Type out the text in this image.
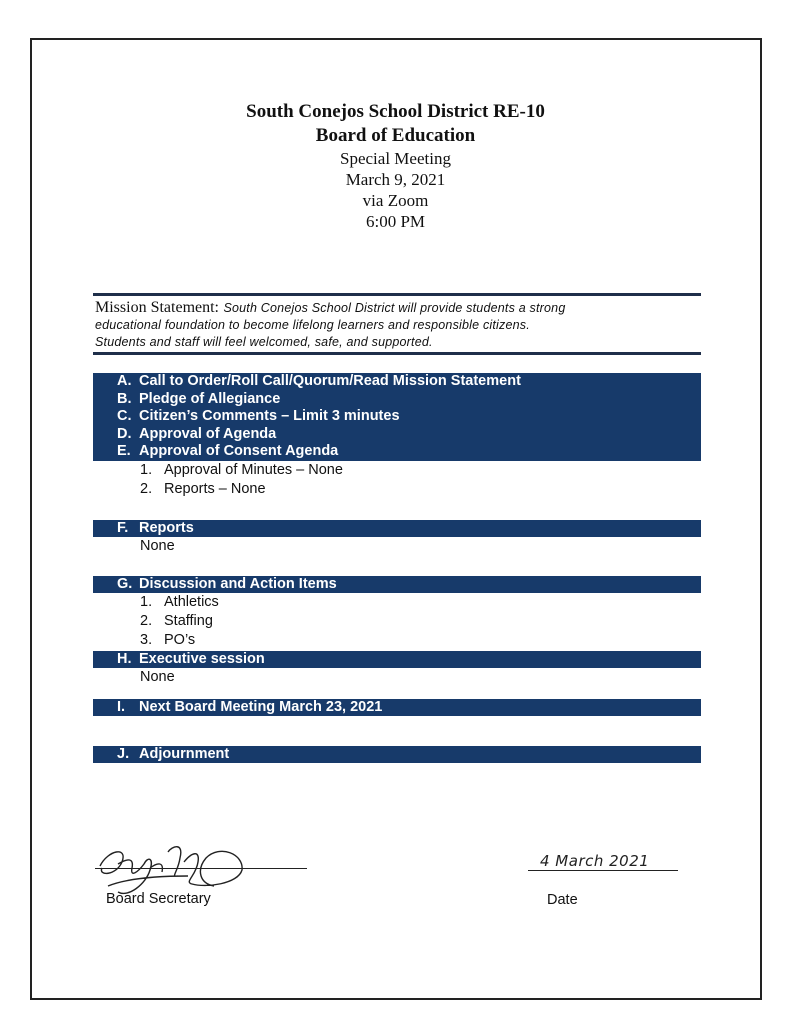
South Conejos School District RE-10
Board of Education
Special Meeting
March 9, 2021
via Zoom
6:00 PM
Mission Statement: South Conejos School District will provide students a strong
educational foundation to become lifelong learners and responsible citizens.
Students and staff will feel welcomed, safe, and supported.
A. Call to Order/Roll Call/Quorum/Read Mission Statement
B. Pledge of Allegiance
C. Citizen’s Comments – Limit 3 minutes
D. Approval of Agenda
E. Approval of Consent Agenda
1. Approval of Minutes – None
2. Reports – None
F. Reports
None
G. Discussion and Action Items
1. Athletics
2. Staffing
3. PO’s
H. Executive session
None
I. Next Board Meeting March 23, 2021
J. Adjournment
Board Secretary
4 March 2021
Date
